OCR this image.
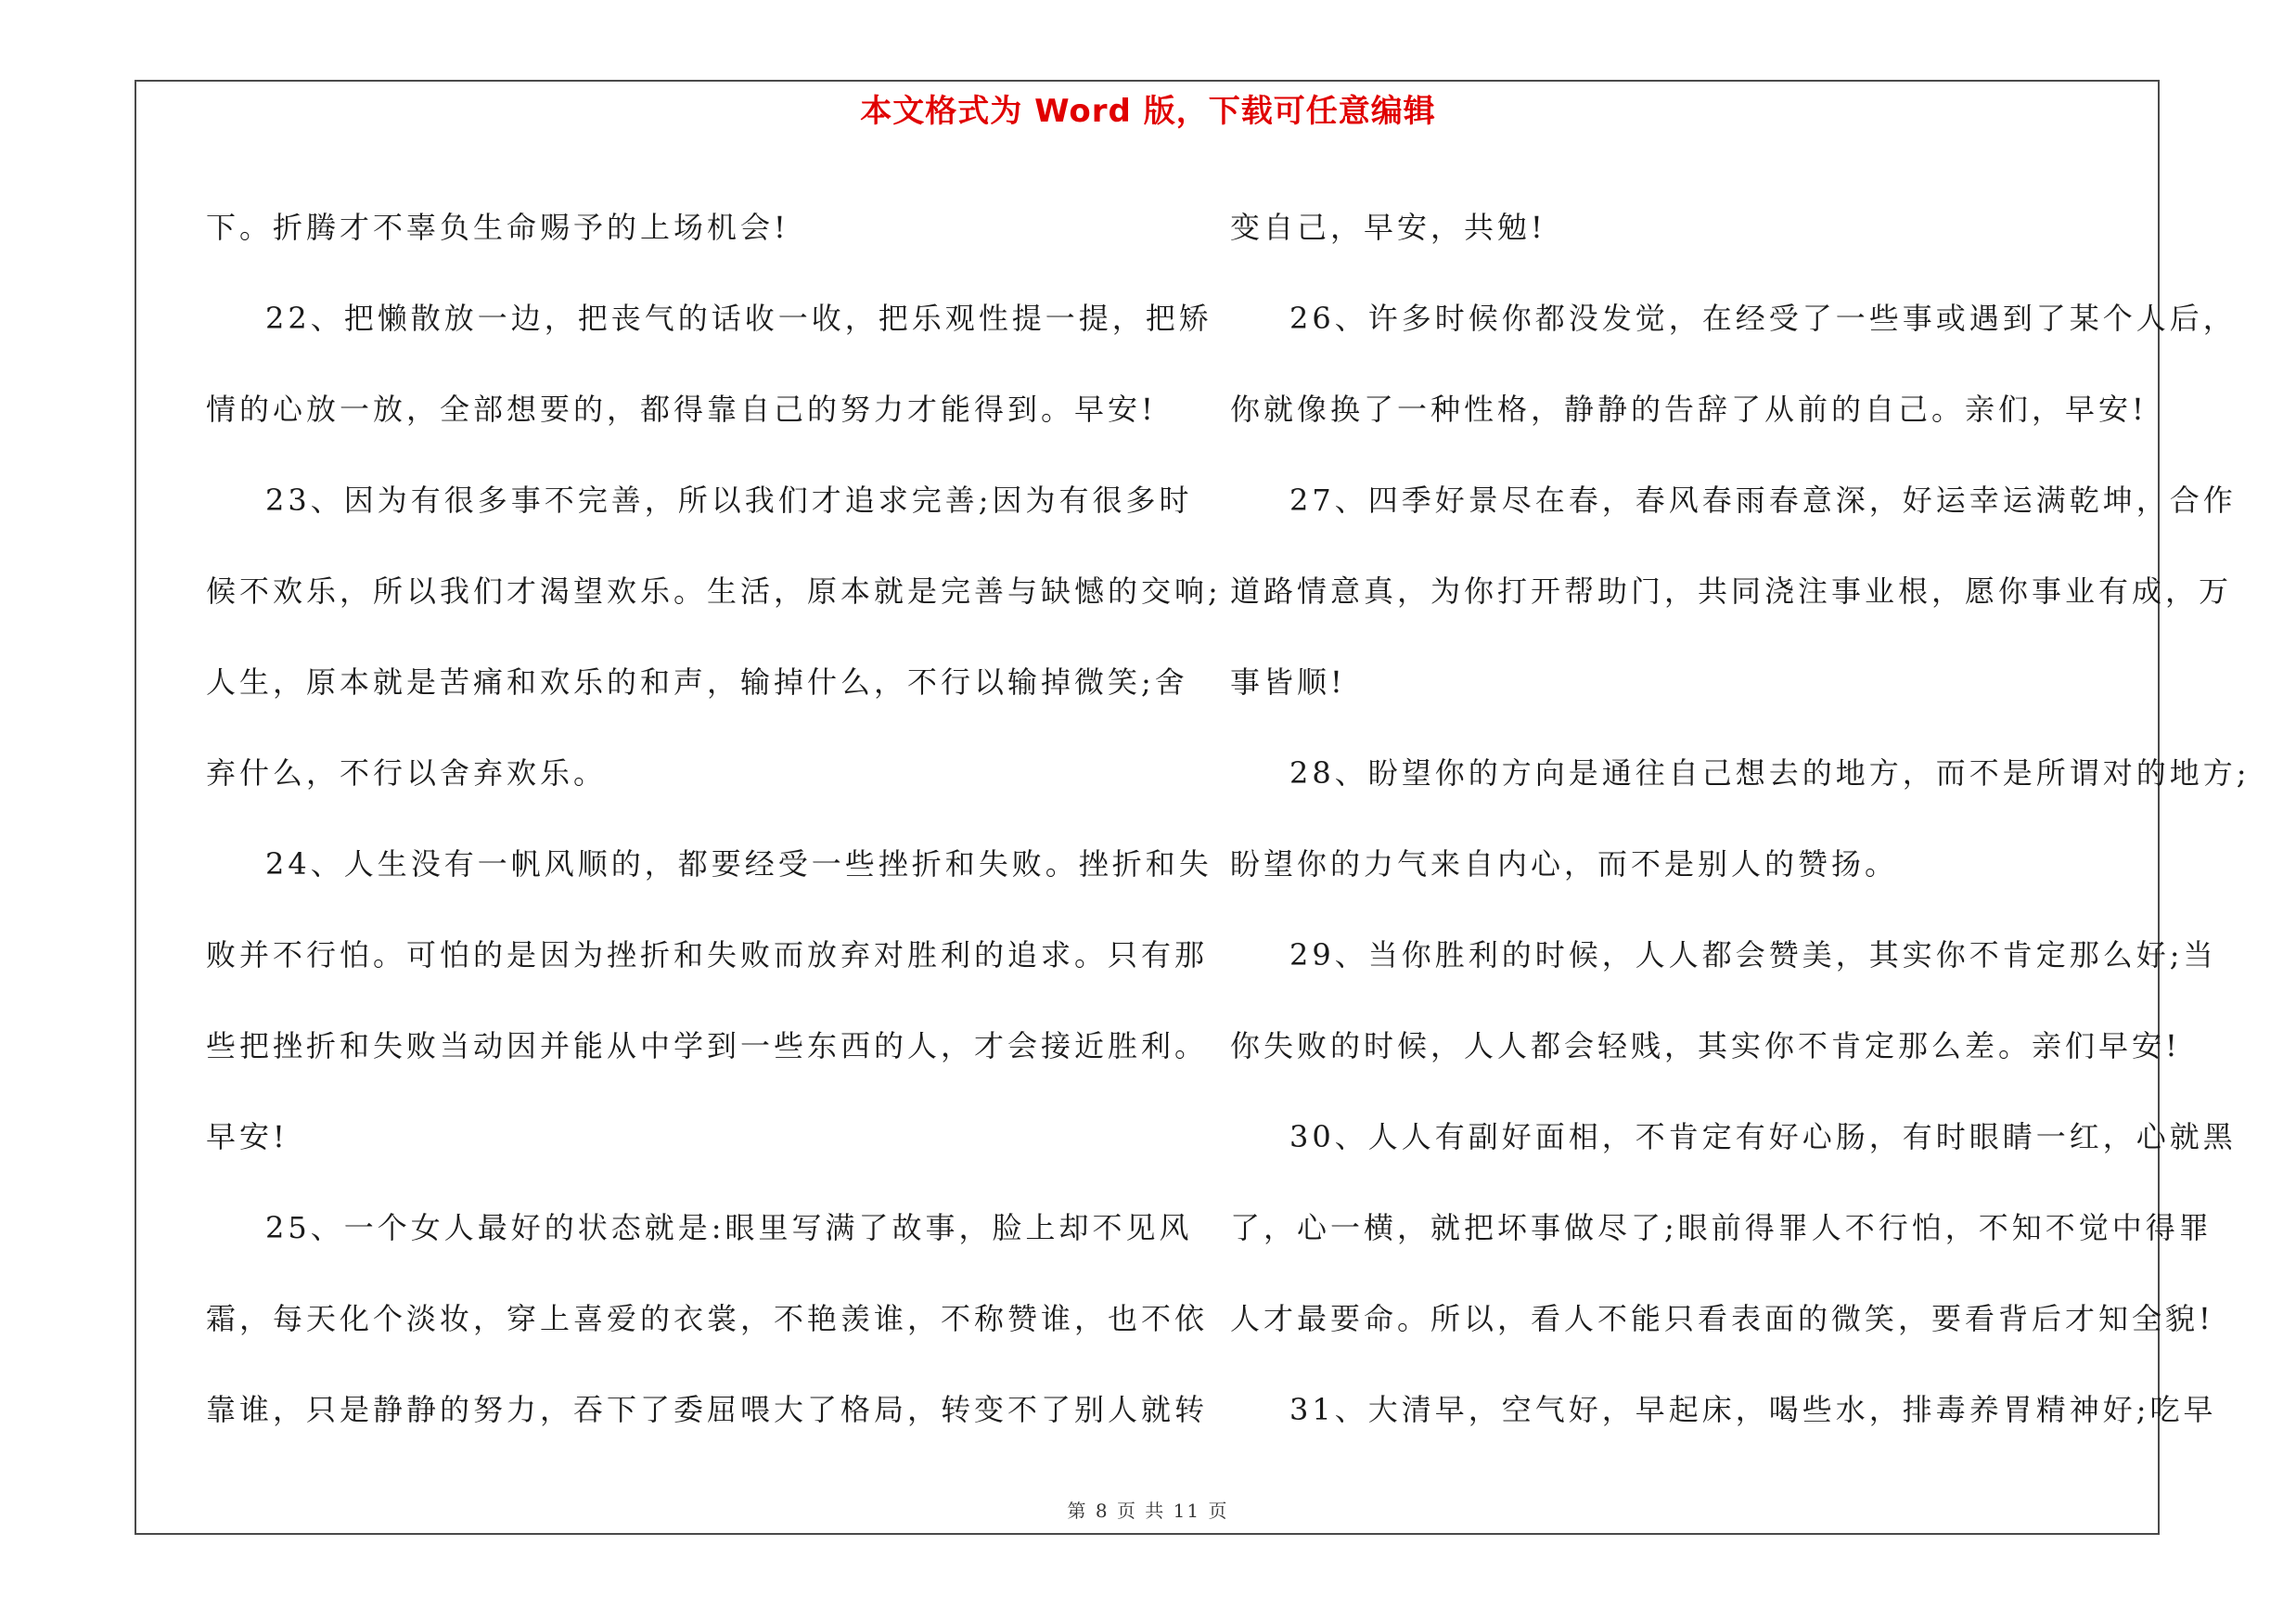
本文格式为 Word 版，下载可任意编辑
下。折腾才不辜负生命赐予的上场机会!
22、把懒散放一边，把丧气的话收一收，把乐观性提一提，把矫
情的心放一放，全部想要的，都得靠自己的努力才能得到。早安!
23、因为有很多事不完善，所以我们才追求完善;因为有很多时
候不欢乐，所以我们才渴望欢乐。生活，原本就是完善与缺憾的交响;
人生，原本就是苦痛和欢乐的和声，输掉什么，不行以输掉微笑;舍
弃什么，不行以舍弃欢乐。
24、人生没有一帆风顺的，都要经受一些挫折和失败。挫折和失
败并不行怕。可怕的是因为挫折和失败而放弃对胜利的追求。只有那
些把挫折和失败当动因并能从中学到一些东西的人，才会接近胜利。
早安!
25、一个女人最好的状态就是:眼里写满了故事，脸上却不见风
霜，每天化个淡妆，穿上喜爱的衣裳，不艳羡谁，不称赞谁，也不依
靠谁，只是静静的努力，吞下了委屈喂大了格局，转变不了别人就转
变自己，早安，共勉!
26、许多时候你都没发觉，在经受了一些事或遇到了某个人后，
你就像换了一种性格，静静的告辞了从前的自己。亲们，早安!
27、四季好景尽在春，春风春雨春意深，好运幸运满乾坤，合作
道路情意真，为你打开帮助门，共同浇注事业根，愿你事业有成，万
事皆顺!
28、盼望你的方向是通往自己想去的地方，而不是所谓对的地方;
盼望你的力气来自内心，而不是别人的赞扬。
29、当你胜利的时候，人人都会赞美，其实你不肯定那么好;当
你失败的时候，人人都会轻贱，其实你不肯定那么差。亲们早安!
30、人人有副好面相，不肯定有好心肠，有时眼睛一红，心就黑
了，心一横，就把坏事做尽了;眼前得罪人不行怕，不知不觉中得罪
人才最要命。所以，看人不能只看表面的微笑，要看背后才知全貌!
31、大清早，空气好，早起床，喝些水，排毒养胃精神好;吃早
第 8 页 共 11 页
